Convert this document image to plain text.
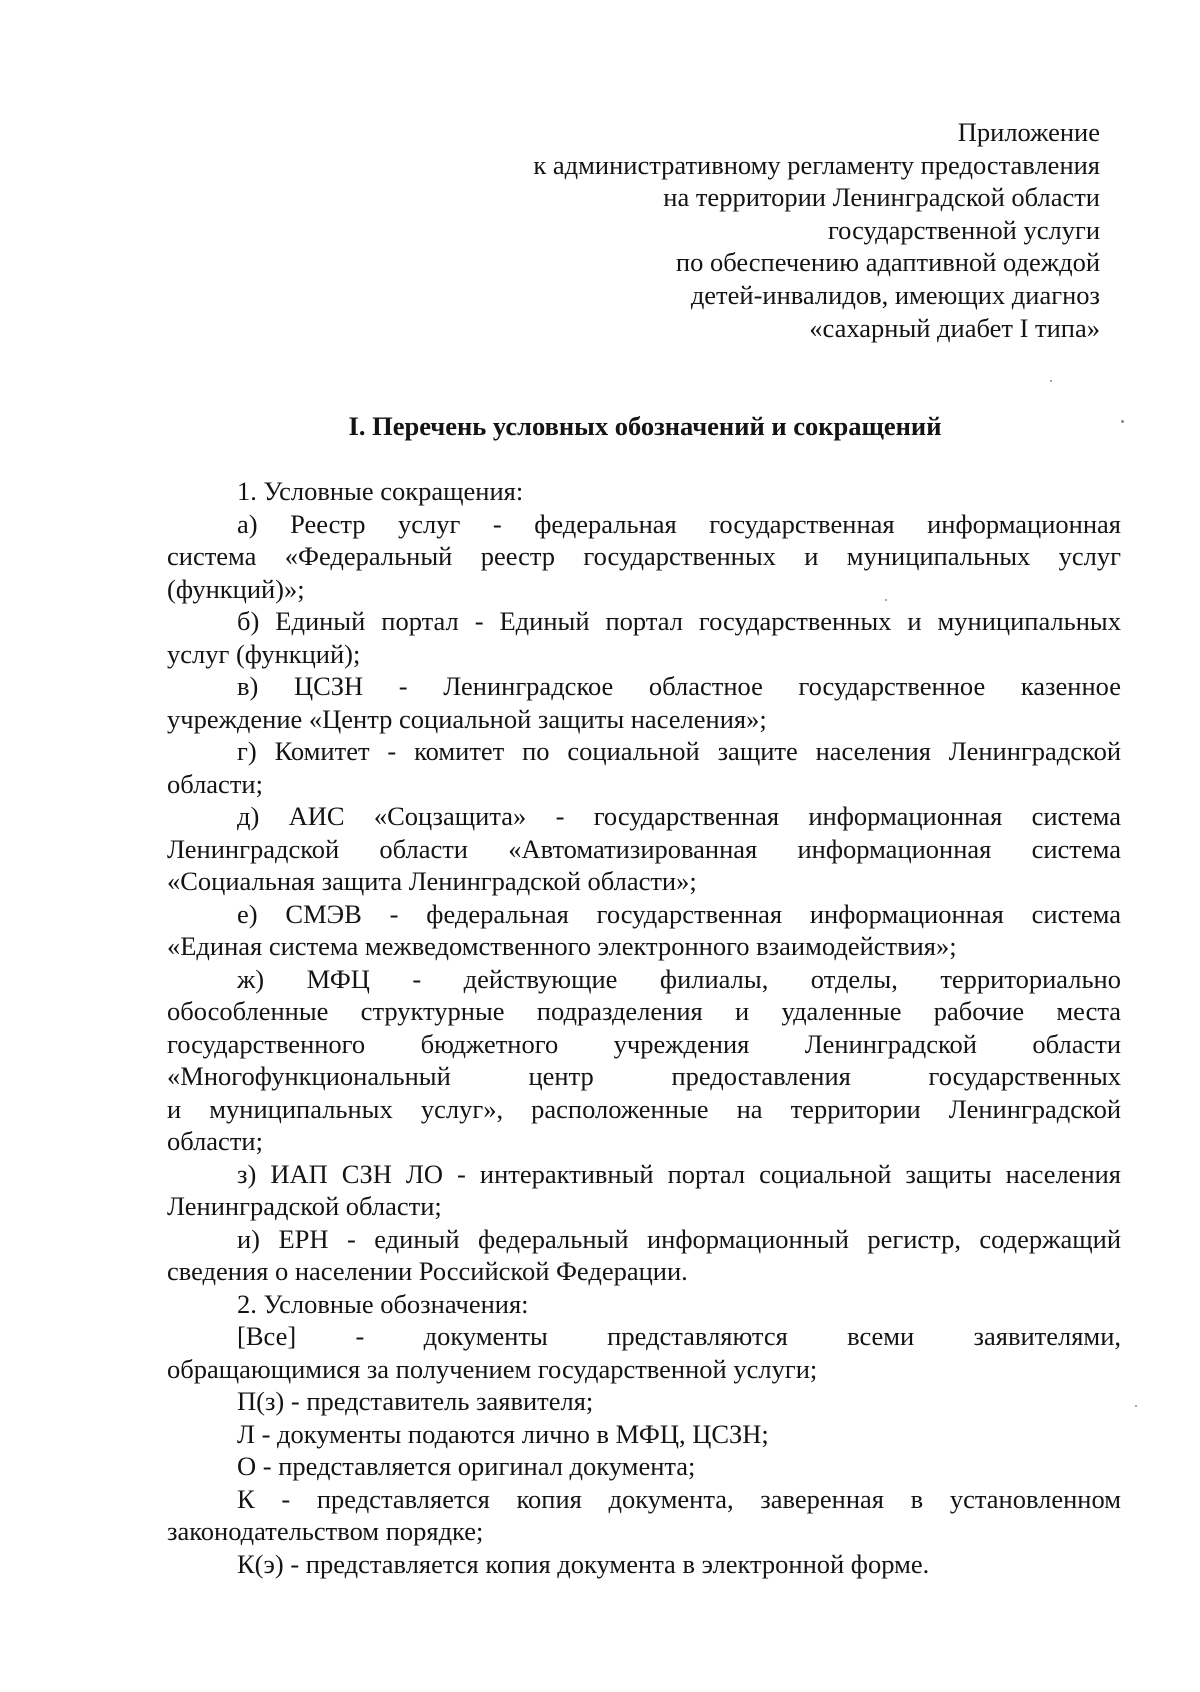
Приложение
к административному регламенту предоставления
на территории Ленинградской области
государственной услуги
по обеспечению адаптивной одеждой
детей-инвалидов, имеющих диагноз
«сахарный диабет I типа»
I. Перечень условных обозначений и сокращений
1. Условные сокращения:
а) Реестр услуг - федеральная государственная информационная
система «Федеральный реестр государственных и муниципальных услуг
(функций)»;
б) Единый портал - Единый портал государственных и муниципальных
услуг (функций);
в) ЦСЗН - Ленинградское областное государственное казенное
учреждение «Центр социальной защиты населения»;
г) Комитет - комитет по социальной защите населения Ленинградской
области;
д) АИС «Соцзащита» - государственная информационная система
Ленинградской области «Автоматизированная информационная система
«Социальная защита Ленинградской области»;
е) СМЭВ - федеральная государственная информационная система
«Единая система межведомственного электронного взаимодействия»;
ж) МФЦ - действующие филиалы, отделы, территориально
обособленные структурные подразделения и удаленные рабочие места
государственного бюджетного учреждения Ленинградской области
«Многофункциональный центр предоставления государственных
и муниципальных услуг», расположенные на территории Ленинградской
области;
з) ИАП СЗН ЛО - интерактивный портал социальной защиты населения
Ленинградской области;
и) ЕРН - единый федеральный информационный регистр, содержащий
сведения о населении Российской Федерации.
2. Условные обозначения:
[Все] - документы представляются всеми заявителями,
обращающимися за получением государственной услуги;
П(з) - представитель заявителя;
Л - документы подаются лично в МФЦ, ЦСЗН;
О - представляется оригинал документа;
К - представляется копия документа, заверенная в установленном
законодательством порядке;
К(э) - представляется копия документа в электронной форме.
